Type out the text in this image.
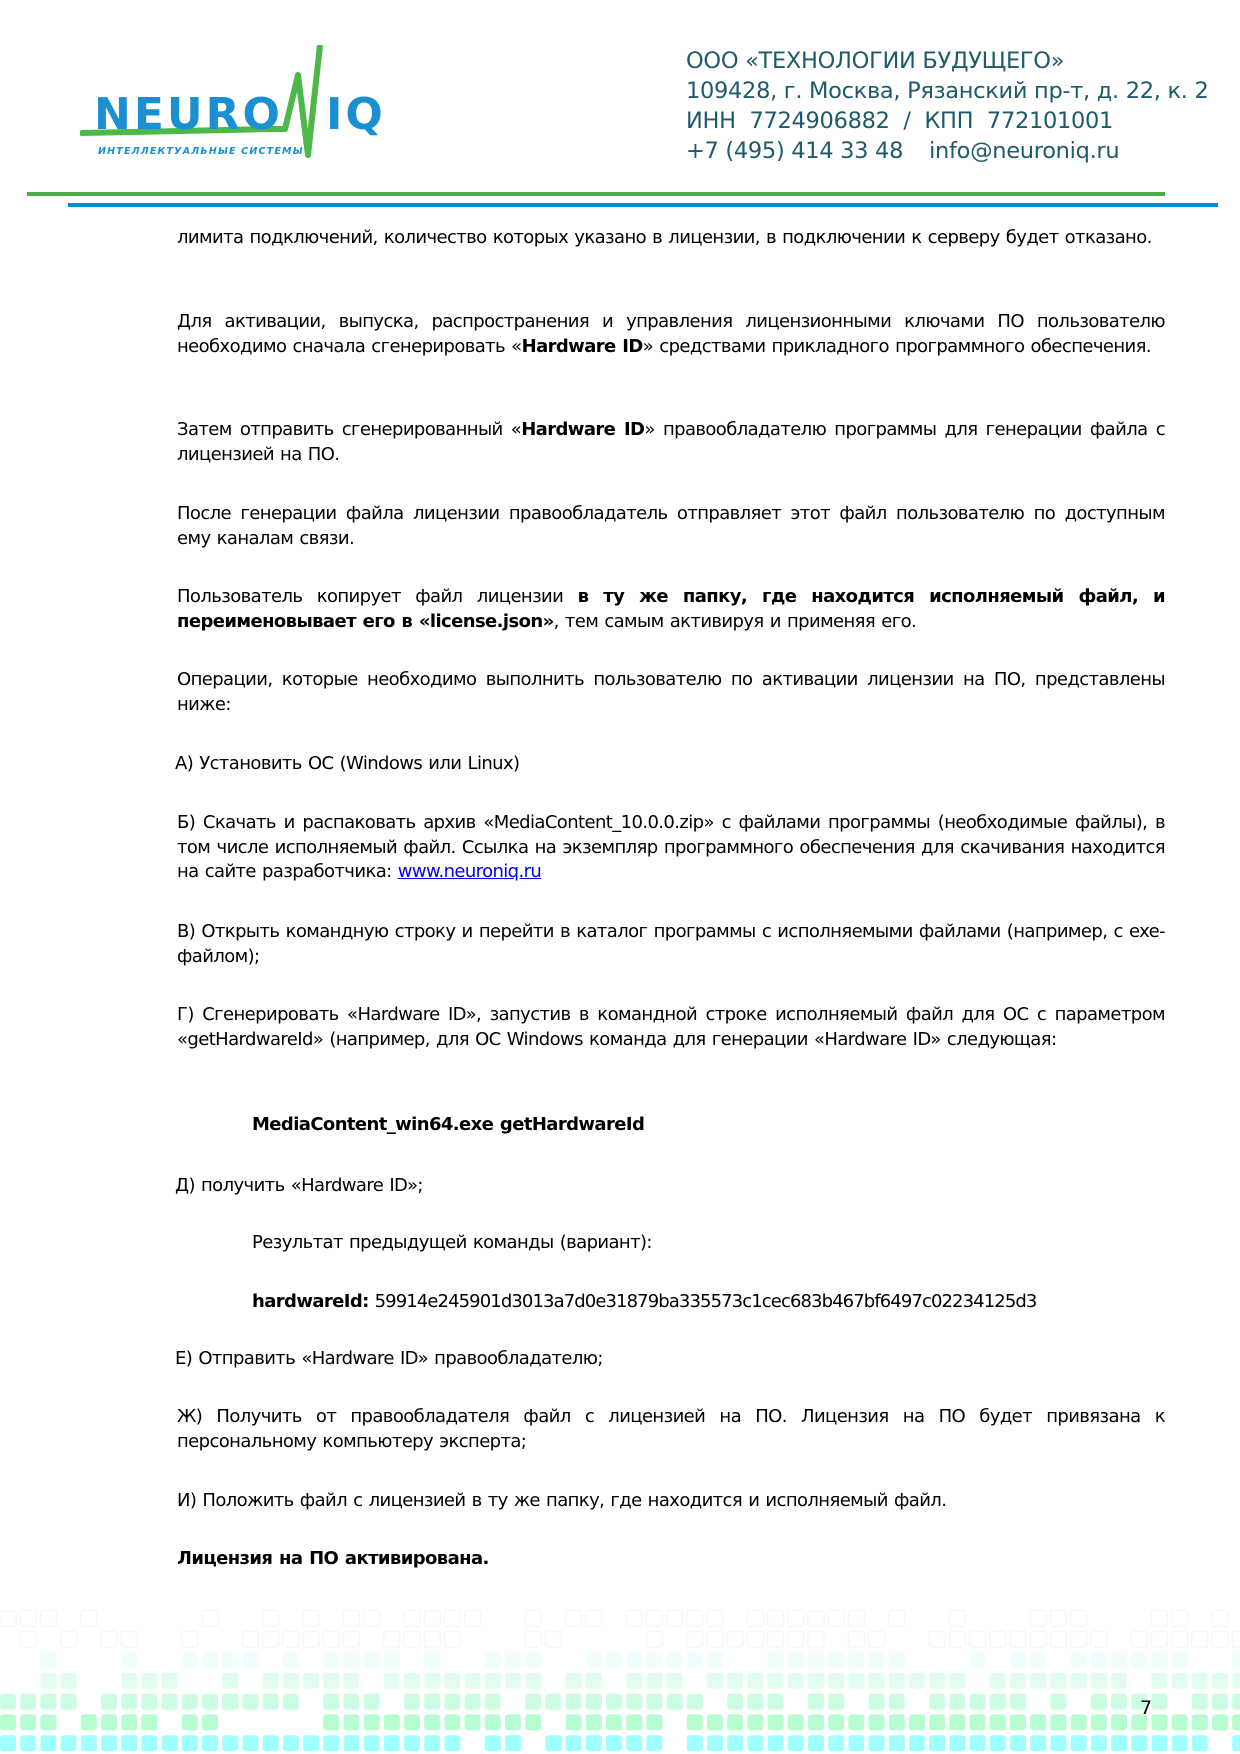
NEURO IQ
ИНТЕЛЛЕКТУАЛЬНЫЕ СИСТЕМЫ
ООО «ТЕХНОЛОГИИ БУДУЩЕГО»
109428, г. Москва, Рязанский пр-т, д. 22, к. 2
ИНН  7724906882  /  КПП  772101001
+7 (495) 414 33 48 info@neuroniq.ru
лимита подключений, количество которых указано в лицензии, в подключении к серверу будет отказано.
Для активации, выпуска, распространения и управления лицензионными ключами ПО пользователю необходимо сначала сгенерировать «Hardware ID» средствами прикладного программного обеспечения.
Затем отправить сгенерированный «Hardware ID» правообладателю программы для генерации файла с лицензией на ПО.
После генерации файла лицензии правообладатель отправляет этот файл пользователю по доступным ему каналам связи.
Пользователь копирует файл лицензии в ту же папку, где находится исполняемый файл, и переименовывает его в «license.json», тем самым активируя и применяя его.
Операции, которые необходимо выполнить пользователю по активации лицензии на ПО, представлены ниже:
А) Установить ОС (Windows или Linux)
Б) Скачать и распаковать архив «MediaContent_10.0.0.zip» с файлами программы (необходимые файлы), в том числе исполняемый файл. Ссылка на экземпляр программного обеспечения для скачивания находится на сайте разработчика: www.neuroniq.ru
В) Открыть командную строку и перейти в каталог программы с исполняемыми файлами (например, с exe-файлом);
Г) Сгенерировать «Hardware ID», запустив в командной строке исполняемый файл для ОС с параметром «getHardwareId» (например, для ОС Windows команда для генерации «Hardware ID» следующая:
MediaContent_win64.exe getHardwareId
Д) получить «Hardware ID»;
Результат предыдущей команды (вариант):
hardwareId: 59914e245901d3013a7d0e31879ba335573c1cec683b467bf6497c02234125d3
Е) Отправить «Hardware ID» правообладателю;
Ж) Получить от правообладателя файл с лицензией на ПО. Лицензия на ПО будет привязана к персональному компьютеру эксперта;
И) Положить файл с лицензией в ту же папку, где находится и исполняемый файл.
Лицензия на ПО активирована.
7
